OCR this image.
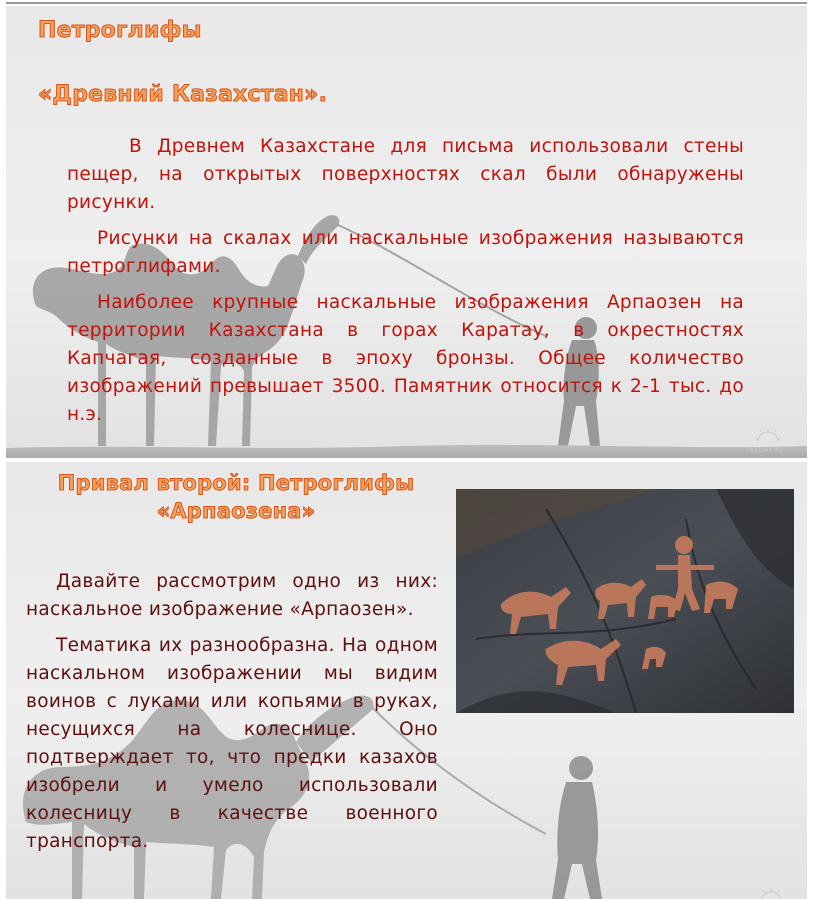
ALLDAY.RU
Петроглифы
«Древний Казахстан».

В Древнем Казахстане для письма использовали стены пещер, на открытых поверхностях скал были обнаружены рисунки.

Рисунки на скалах или наскальные изображения называются петроглифами.

Наиболее крупные наскальные изображения Арпаозен на территории Казахстана в горах Каратау, в окрестностях Капчагая, созданные в эпоху бронзы. Общее количество изображений превышает 3500. Памятник относится к 2-1 тыс. до н.э.

Привал второй: Петроглифы
«Арпаозена»

Давайте рассмотрим одно из них: наскальное изображение «Арпаозен».

Тематика их разнообразна. На одном наскальном изображении мы видим воинов с луками или копьями в руках, несущихся на колеснице. Оно подтверждает то, что предки казахов изобрели и умело использовали колесницу в качестве военного транспорта.
